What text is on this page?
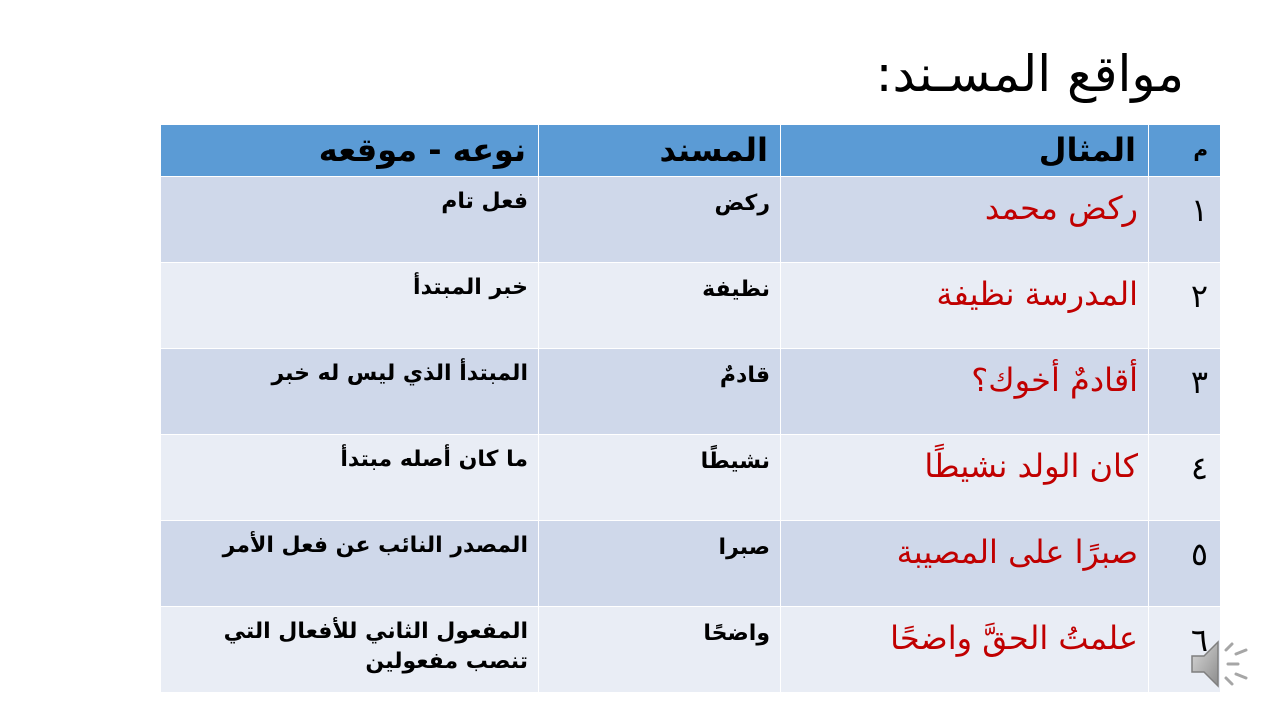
مواقع المسـند:
م	المثال	المسند	نوعه - موقعه
١	ركض محمد	ركض	فعل تام
٢	المدرسة نظيفة	نظيفة	خبر المبتدأ
٣	أقادمٌ أخوك؟	قادمٌ	المبتدأ الذي ليس له خبر
٤	كان الولد نشيطًا	نشيطًا	ما كان أصله مبتدأ
٥	صبرًا على المصيبة	صبرا	المصدر النائب عن فعل الأمر
٦	علمتُ الحقَّ واضحًا	واضحًا	المفعول الثاني للأفعال التي تنصب مفعولين
